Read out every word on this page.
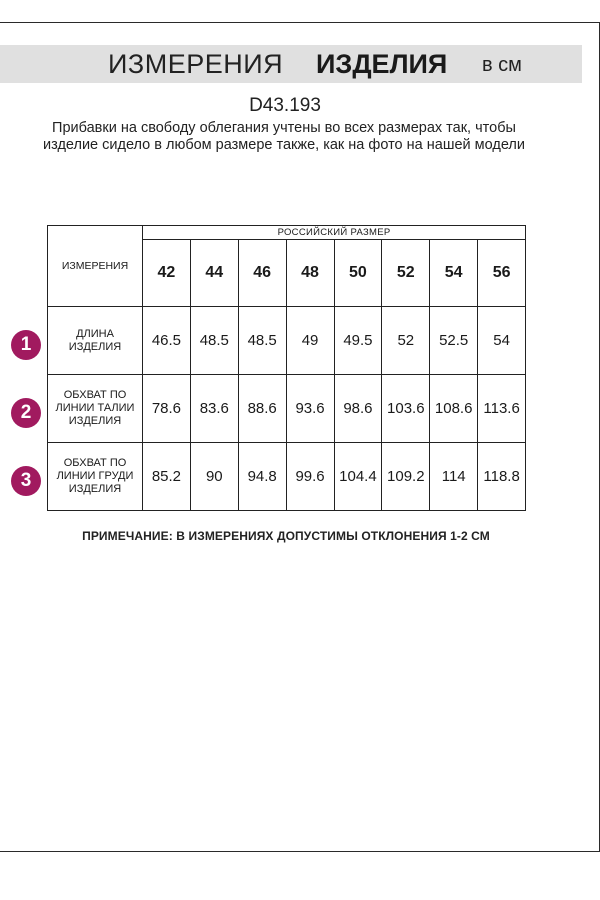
ИЗМЕРЕНИЯ ИЗДЕЛИЯ в см
D43.193
Прибавки на свободу облегания учтены во всех размерах так, чтобы изделие сидело в любом размере также, как на фото на нашей модели
ИЗМЕРЕНИЯ	РОССИЙСКИЙ РАЗМЕР							
	42	44	46	48	50	52	54	56

ДЛИНА
ИЗДЕЛИЯ	46.5	48.5	48.5	49	49.5	52	52.5	54

ОБХВАТ ПО
ЛИНИИ ТАЛИИ
ИЗДЕЛИЯ	78.6	83.6	88.6	93.6	98.6	103.6	108.6	113.6

ОБХВАТ ПО
ЛИНИИ ГРУДИ
ИЗДЕЛИЯ	85.2	90	94.8	99.6	104.4	109.2	114	118.8
1
2
3
ПРИМЕЧАНИЕ: В ИЗМЕРЕНИЯХ ДОПУСТИМЫ ОТКЛОНЕНИЯ 1-2 СМ
